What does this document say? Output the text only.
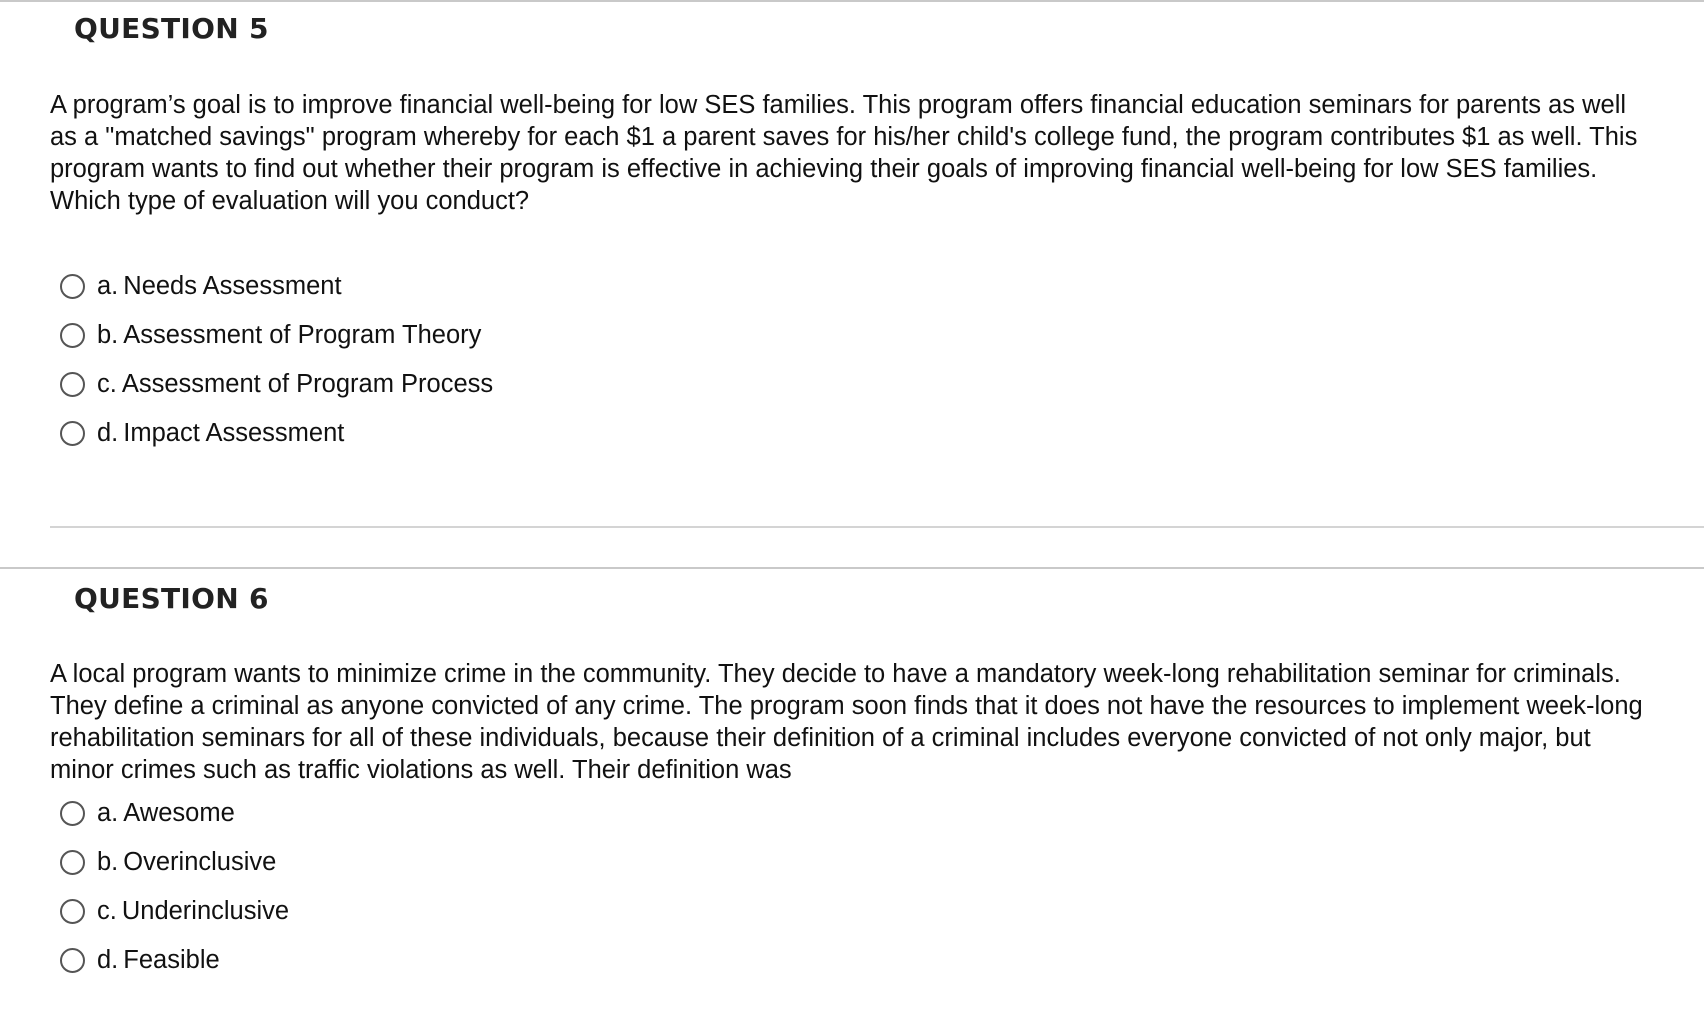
QUESTION 5

A program’s goal is to improve financial well-being for low SES families. This program offers financial education seminars for parents as well as a "matched savings" program whereby for each $1 a parent saves for his/her child's college fund, the program contributes $1 as well. This program wants to find out whether their program is effective in achieving their goals of improving financial well-being for low SES families. Which type of evaluation will you conduct?

a. Needs Assessment
b. Assessment of Program Theory
c. Assessment of Program Process
d. Impact Assessment
QUESTION 6

A local program wants to minimize crime in the community. They decide to have a mandatory week-long rehabilitation seminar for criminals. They define a criminal as anyone convicted of any crime. The program soon finds that it does not have the resources to implement week-long rehabilitation seminars for all of these individuals, because their definition of a criminal includes everyone convicted of not only major, but minor crimes such as traffic violations as well. Their definition was

a. Awesome
b. Overinclusive
c. Underinclusive
d. Feasible
